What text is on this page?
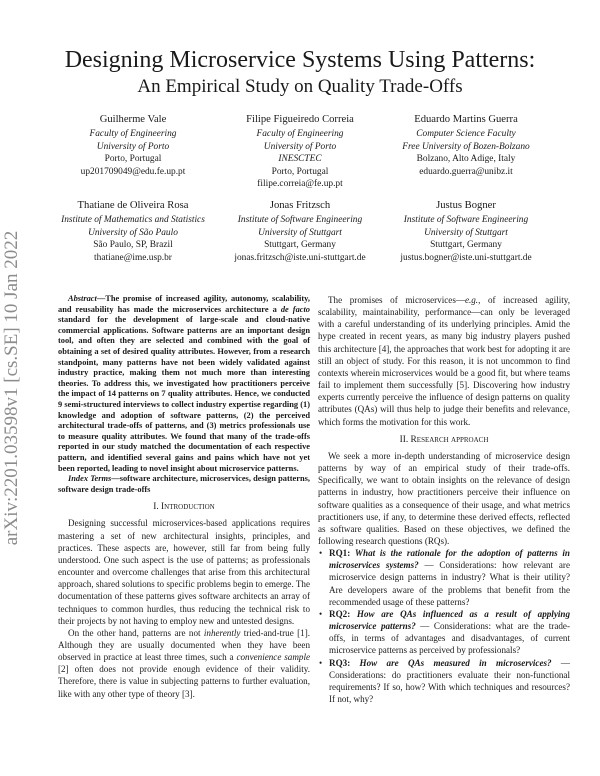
Designing Microservice Systems Using Patterns:
An Empirical Study on Quality Trade-Offs
Guilherme Vale
Faculty of Engineering
University of Porto
Porto, Portugal
up201709049@edu.fe.up.pt
Filipe Figueiredo Correia
Faculty of Engineering
University of Porto
INESCTEC
Porto, Portugal
filipe.correia@fe.up.pt
Eduardo Martins Guerra
Computer Science Faculty
Free University of Bozen-Bolzano
Bolzano, Alto Adige, Italy
eduardo.guerra@unibz.it
Thatiane de Oliveira Rosa
Institute of Mathematics and Statistics
University of São Paulo
São Paulo, SP, Brazil
thatiane@ime.usp.br
Jonas Fritzsch
Institute of Software Engineering
University of Stuttgart
Stuttgart, Germany
jonas.fritzsch@iste.uni-stuttgart.de
Justus Bogner
Institute of Software Engineering
University of Stuttgart
Stuttgart, Germany
justus.bogner@iste.uni-stuttgart.de
arXiv:2201.03598v1 [cs.SE] 10 Jan 2022	Abstract—The promise of increased agility, autonomy, scalability, and reusability has made the microservices architecture a de facto standard for the development of large-scale and cloud-native commercial applications. Software patterns are an important design tool, and often they are selected and combined with the goal of obtaining a set of desired quality attributes. However, from a research standpoint, many patterns have not been widely validated against industry practice, making them not much more than interesting theories. To address this, we investigated how practitioners perceive the impact of 14 patterns on 7 quality attributes. Hence, we conducted 9 semi-structured interviews to collect industry expertise regarding (1) knowledge and adoption of software patterns, (2) the perceived architectural trade-offs of patterns, and (3) metrics professionals use to measure quality attributes. We found that many of the trade-offs reported in our study matched the documentation of each respective pattern, and identified several gains and pains which have not yet been reported, leading to novel insight about microservice patterns.

Index Terms—software architecture, microservices, design patterns, software design trade-offs

I. Introduction

Designing successful microservices-based applications requires mastering a set of new architectural insights, principles, and practices. These aspects are, however, still far from being fully understood. One such aspect is the use of patterns; as professionals encounter and overcome challenges that arise from this architectural approach, shared solutions to specific problems begin to emerge. The documentation of these patterns gives software architects an array of techniques to common hurdles, thus reducing the technical risk to their projects by not having to employ new and untested designs.

On the other hand, patterns are not inherently tried-and-true [1]. Although they are usually documented when they have been observed in practice at least three times, such a convenience sample [2] often does not provide enough evidence of their validity. Therefore, there is value in subjecting patterns to further evaluation, like with any other type of theory [3].

The promises of microservices—e.g., of increased agility, scalability, maintainability, performance—can only be leveraged with a careful understanding of its underlying principles. Amid the hype created in recent years, as many big industry players pushed this architecture [4], the approaches that work best for adopting it are still an object of study. For this reason, it is not uncommon to find contexts wherein microservices would be a good fit, but where teams fail to implement them successfully [5]. Discovering how industry experts currently perceive the influence of design patterns on quality attributes (QAs) will thus help to judge their benefits and relevance, which forms the motivation for this work.

II. Research approach

We seek a more in-depth understanding of microservice design patterns by way of an empirical study of their trade-offs. Specifically, we want to obtain insights on the relevance of design patterns in industry, how practitioners perceive their influence on software qualities as a consequence of their usage, and what metrics practitioners use, if any, to determine these derived effects, reflected as software qualities. Based on these objectives, we defined the following research questions (RQs).

• RQ1: What is the rationale for the adoption of patterns in microservices systems? — Considerations: how relevant are microservice design patterns in industry? What is their utility? Are developers aware of the problems that benefit from the recommended usage of these patterns?
• RQ2: How are QAs influenced as a result of applying microservice patterns? — Considerations: what are the trade-offs, in terms of advantages and disadvantages, of current microservice patterns as perceived by professionals?
• RQ3: How are QAs measured in microservices? — Considerations: do practitioners evaluate their non-functional requirements? If so, how? With which techniques and resources? If not, why?
